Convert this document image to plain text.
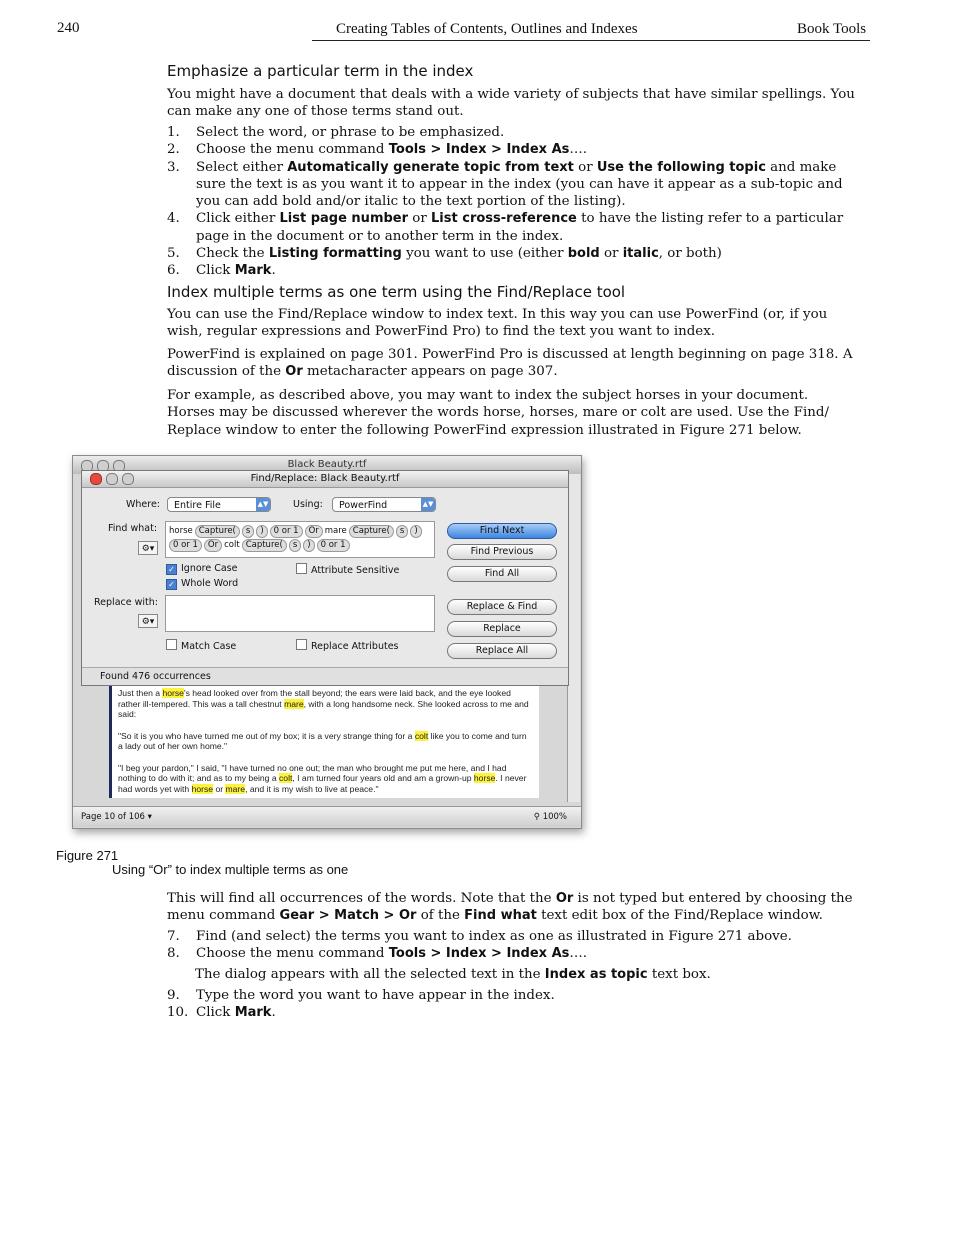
240	Creating Tables of Contents, Outlines and Indexes	Book Tools
Emphasize a particular term in the index
You might have a document that deals with a wide variety of subjects that have similar spellings. You can make any one of those terms stand out.
1. Select the word, or phrase to be emphasized.
2. Choose the menu command Tools > Index > Index As….
3. Select either Automatically generate topic from text or Use the following topic and make sure the text is as you want it to appear in the index (you can have it appear as a sub-topic and you can add bold and/or italic to the text portion of the listing).
4. Click either List page number or List cross-reference to have the listing refer to a particular page in the document or to another term in the index.
5. Check the Listing formatting you want to use (either bold or italic, or both)
6. Click Mark.
Index multiple terms as one term using the Find/Replace tool
You can use the Find/Replace window to index text. In this way you can use PowerFind (or, if you wish, regular expressions and PowerFind Pro) to find the text you want to index.
PowerFind is explained on page 301. PowerFind Pro is discussed at length beginning on page 318. A discussion of the Or metacharacter appears on page 307.
For example, as described above, you may want to index the subject horses in your document. Horses may be discussed wherever the words horse, horses, mare or colt are used. Use the Find/ Replace window to enter the following PowerFind expression illustrated in Figure 271 below.
Black Beauty.rtf

Just then a horse's head looked over from the stall beyond; the ears were laid back, and the eye looked rather ill-tempered. This was a tall chestnut mare, with a long handsome neck. She looked across to me and said:

"So it is you who have turned me out of my box; it is a very strange thing for a colt like you to come and turn a lady out of her own home."

"I beg your pardon," I said, "I have turned no one out; the man who brought me put me here, and I had nothing to do with it; and as to my being a colt, I am turned four years old and am a grown-up horse. I never had words yet with horse or mare, and it is my wish to live at peace."

Page 10 of 106 ▾	⚲ 100%
Find/Replace: Black Beauty.rtf
Where:	Entire File	▲▼	Using:	PowerFind	▲▼
Find what:
⚙▾
horse Capture( s ) 0 or 1 Or mare Capture( s )
0 or 1 Or colt Capture( s ) 0 or 1
✓ Ignore Case
✓ Whole Word
Attribute Sensitive
Replace with:
⚙▾
Match Case	Replace Attributes
Find Next
Find Previous
Find All
Replace & Find
Replace
Replace All
Found 476 occurrences
Figure 271
Using “Or” to index multiple terms as one
This will find all occurrences of the words. Note that the Or is not typed but entered by choosing the menu command Gear > Match > Or of the Find what text edit box of the Find/Replace window.
7. Find (and select) the terms you want to index as one as illustrated in Figure 271 above.
8. Choose the menu command Tools > Index > Index As….
The dialog appears with all the selected text in the Index as topic text box.
9. Type the word you want to have appear in the index.
10. Click Mark.
